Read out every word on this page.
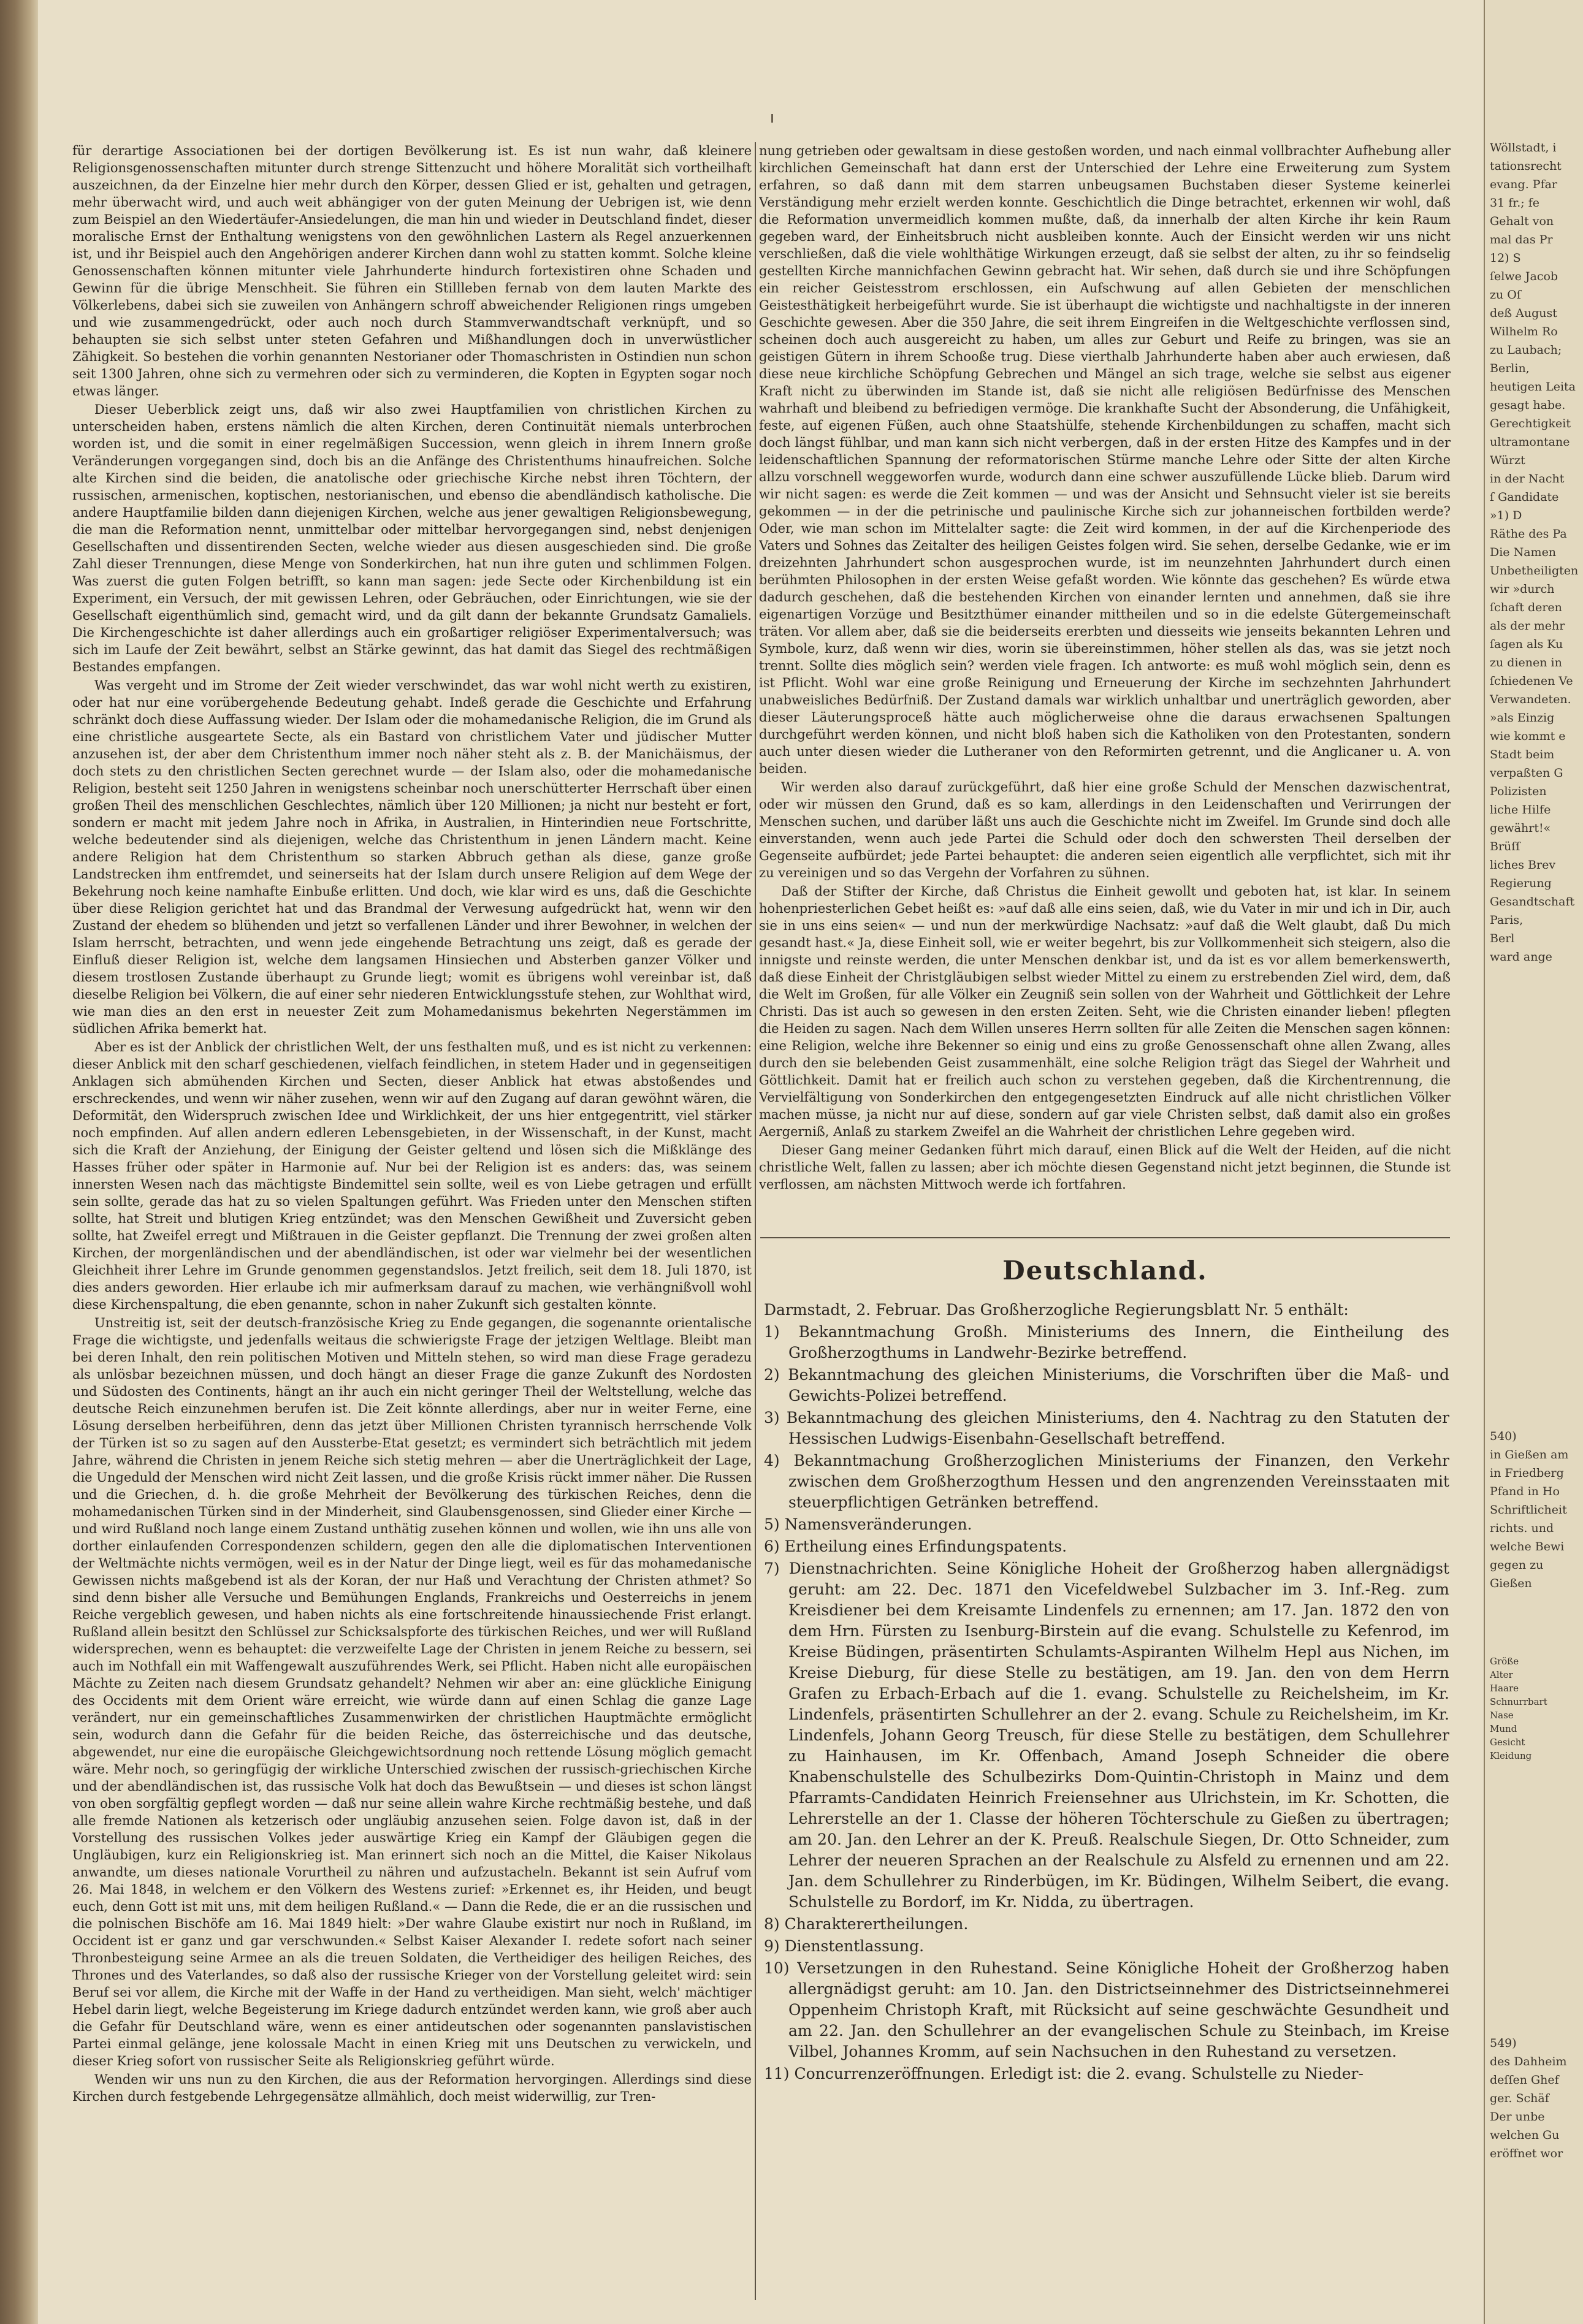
für derartige Associationen bei der dortigen Bevölkerung ist. Es ist nun wahr, daß kleinere Religionsgenossenschaften mitunter durch strenge Sittenzucht und höhere Moralität sich vortheilhaft auszeichnen, da der Einzelne hier mehr durch den Körper, dessen Glied er ist, gehalten und getragen, mehr überwacht wird, und auch weit abhängiger von der guten Meinung der Uebrigen ist, wie denn zum Beispiel an den Wiedertäufer-Ansiedelungen, die man hin und wieder in Deutschland findet, dieser moralische Ernst der Enthaltung wenigstens von den gewöhnlichen Lastern als Regel anzuerkennen ist, und ihr Beispiel auch den Angehörigen anderer Kirchen dann wohl zu statten kommt. Solche kleine Genossenschaften können mitunter viele Jahrhunderte hindurch fortexistiren ohne Schaden und Gewinn für die übrige Menschheit. Sie führen ein Stillleben fernab von dem lauten Markte des Völkerlebens, dabei sich sie zuweilen von Anhängern schroff abweichender Religionen rings umgeben und wie zusammengedrückt, oder auch noch durch Stammverwandtschaft verknüpft, und so behaupten sie sich selbst unter steten Gefahren und Mißhandlungen doch in unverwüstlicher Zähigkeit. So bestehen die vorhin genannten Nestorianer oder Thomaschristen in Ostindien nun schon seit 1300 Jahren, ohne sich zu vermehren oder sich zu verminderen, die Kopten in Egypten sogar noch etwas länger.

Dieser Ueberblick zeigt uns, daß wir also zwei Hauptfamilien von christlichen Kirchen zu unterscheiden haben, erstens nämlich die alten Kirchen, deren Continuität niemals unterbrochen worden ist, und die somit in einer regelmäßigen Succession, wenn gleich in ihrem Innern große Veränderungen vorgegangen sind, doch bis an die Anfänge des Christenthums hinaufreichen. Solche alte Kirchen sind die beiden, die anatolische oder griechische Kirche nebst ihren Töchtern, der russischen, armenischen, koptischen, nestorianischen, und ebenso die abendländisch katholische. Die andere Hauptfamilie bilden dann diejenigen Kirchen, welche aus jener gewaltigen Religionsbewegung, die man die Reformation nennt, unmittelbar oder mittelbar hervorgegangen sind, nebst denjenigen Gesellschaften und dissentirenden Secten, welche wieder aus diesen ausgeschieden sind. Die große Zahl dieser Trennungen, diese Menge von Sonderkirchen, hat nun ihre guten und schlimmen Folgen. Was zuerst die guten Folgen betrifft, so kann man sagen: jede Secte oder Kirchenbildung ist ein Experiment, ein Versuch, der mit gewissen Lehren, oder Gebräuchen, oder Einrichtungen, wie sie der Gesellschaft eigenthümlich sind, gemacht wird, und da gilt dann der bekannte Grundsatz Gamaliels. Die Kirchengeschichte ist daher allerdings auch ein großartiger religiöser Experimentalversuch; was sich im Laufe der Zeit bewährt, selbst an Stärke gewinnt, das hat damit das Siegel des rechtmäßigen Bestandes empfangen.

Was vergeht und im Strome der Zeit wieder verschwindet, das war wohl nicht werth zu existiren, oder hat nur eine vorübergehende Bedeutung gehabt. Indeß gerade die Geschichte und Erfahrung schränkt doch diese Auffassung wieder. Der Islam oder die mohamedanische Religion, die im Grund als eine christliche ausgeartete Secte, als ein Bastard von christlichem Vater und jüdischer Mutter anzusehen ist, der aber dem Christenthum immer noch näher steht als z. B. der Manichäismus, der doch stets zu den christlichen Secten gerechnet wurde — der Islam also, oder die mohamedanische Religion, besteht seit 1250 Jahren in wenigstens scheinbar noch unerschütterter Herrschaft über einen großen Theil des menschlichen Geschlechtes, nämlich über 120 Millionen; ja nicht nur besteht er fort, sondern er macht mit jedem Jahre noch in Afrika, in Australien, in Hinterindien neue Fortschritte, welche bedeutender sind als diejenigen, welche das Christenthum in jenen Ländern macht. Keine andere Religion hat dem Christenthum so starken Abbruch gethan als diese, ganze große Landstrecken ihm entfremdet, und seinerseits hat der Islam durch unsere Religion auf dem Wege der Bekehrung noch keine namhafte Einbuße erlitten. Und doch, wie klar wird es uns, daß die Geschichte über diese Religion gerichtet hat und das Brandmal der Verwesung aufgedrückt hat, wenn wir den Zustand der ehedem so blühenden und jetzt so verfallenen Länder und ihrer Bewohner, in welchen der Islam herrscht, betrachten, und wenn jede eingehende Betrachtung uns zeigt, daß es gerade der Einfluß dieser Religion ist, welche dem langsamen Hinsiechen und Absterben ganzer Völker und diesem trostlosen Zustande überhaupt zu Grunde liegt; womit es übrigens wohl vereinbar ist, daß dieselbe Religion bei Völkern, die auf einer sehr niederen Entwicklungsstufe stehen, zur Wohlthat wird, wie man dies an den erst in neuester Zeit zum Mohamedanismus bekehrten Negerstämmen im südlichen Afrika bemerkt hat.

Aber es ist der Anblick der christlichen Welt, der uns festhalten muß, und es ist nicht zu verkennen: dieser Anblick mit den scharf geschiedenen, vielfach feindlichen, in stetem Hader und in gegenseitigen Anklagen sich abmühenden Kirchen und Secten, dieser Anblick hat etwas abstoßendes und erschreckendes, und wenn wir näher zusehen, wenn wir auf den Zugang auf daran gewöhnt wären, die Deformität, den Widerspruch zwischen Idee und Wirklichkeit, der uns hier entgegentritt, viel stärker noch empfinden. Auf allen andern edleren Lebensgebieten, in der Wissenschaft, in der Kunst, macht sich die Kraft der Anziehung, der Einigung der Geister geltend und lösen sich die Mißklänge des Hasses früher oder später in Harmonie auf. Nur bei der Religion ist es anders: das, was seinem innersten Wesen nach das mächtigste Bindemittel sein sollte, weil es von Liebe getragen und erfüllt sein sollte, gerade das hat zu so vielen Spaltungen geführt. Was Frieden unter den Menschen stiften sollte, hat Streit und blutigen Krieg entzündet; was den Menschen Gewißheit und Zuversicht geben sollte, hat Zweifel erregt und Mißtrauen in die Geister gepflanzt. Die Trennung der zwei großen alten Kirchen, der morgenländischen und der abendländischen, ist oder war vielmehr bei der wesentlichen Gleichheit ihrer Lehre im Grunde genommen gegenstandslos. Jetzt freilich, seit dem 18. Juli 1870, ist dies anders geworden. Hier erlaube ich mir aufmerksam darauf zu machen, wie verhängnißvoll wohl diese Kirchenspaltung, die eben genannte, schon in naher Zukunft sich gestalten könnte.

Unstreitig ist, seit der deutsch-französische Krieg zu Ende gegangen, die sogenannte orientalische Frage die wichtigste, und jedenfalls weitaus die schwierigste Frage der jetzigen Weltlage. Bleibt man bei deren Inhalt, den rein politischen Motiven und Mitteln stehen, so wird man diese Frage geradezu als unlösbar bezeichnen müssen, und doch hängt an dieser Frage die ganze Zukunft des Nordosten und Südosten des Continents, hängt an ihr auch ein nicht geringer Theil der Weltstellung, welche das deutsche Reich einzunehmen berufen ist. Die Zeit könnte allerdings, aber nur in weiter Ferne, eine Lösung derselben herbeiführen, denn das jetzt über Millionen Christen tyrannisch herrschende Volk der Türken ist so zu sagen auf den Aussterbe-Etat gesetzt; es vermindert sich beträchtlich mit jedem Jahre, während die Christen in jenem Reiche sich stetig mehren — aber die Unerträglichkeit der Lage, die Ungeduld der Menschen wird nicht Zeit lassen, und die große Krisis rückt immer näher. Die Russen und die Griechen, d. h. die große Mehrheit der Bevölkerung des türkischen Reiches, denn die mohamedanischen Türken sind in der Minderheit, sind Glaubensgenossen, sind Glieder einer Kirche — und wird Rußland noch lange einem Zustand unthätig zusehen können und wollen, wie ihn uns alle von dorther einlaufenden Correspondenzen schildern, gegen den alle die diplomatischen Interventionen der Weltmächte nichts vermögen, weil es in der Natur der Dinge liegt, weil es für das mohamedanische Gewissen nichts maßgebend ist als der Koran, der nur Haß und Verachtung der Christen athmet? So sind denn bisher alle Versuche und Bemühungen Englands, Frankreichs und Oesterreichs in jenem Reiche vergeblich gewesen, und haben nichts als eine fortschreitende hinaussiechende Frist erlangt. Rußland allein besitzt den Schlüssel zur Schicksalspforte des türkischen Reiches, und wer will Rußland widersprechen, wenn es behauptet: die verzweifelte Lage der Christen in jenem Reiche zu bessern, sei auch im Nothfall ein mit Waffengewalt auszuführendes Werk, sei Pflicht. Haben nicht alle europäischen Mächte zu Zeiten nach diesem Grundsatz gehandelt? Nehmen wir aber an: eine glückliche Einigung des Occidents mit dem Orient wäre erreicht, wie würde dann auf einen Schlag die ganze Lage verändert, nur ein gemeinschaftliches Zusammenwirken der christlichen Hauptmächte ermöglicht sein, wodurch dann die Gefahr für die beiden Reiche, das österreichische und das deutsche, abgewendet, nur eine die europäische Gleichgewichtsordnung noch rettende Lösung möglich gemacht wäre. Mehr noch, so geringfügig der wirkliche Unterschied zwischen der russisch-griechischen Kirche und der abendländischen ist, das russische Volk hat doch das Bewußtsein — und dieses ist schon längst von oben sorgfältig gepflegt worden — daß nur seine allein wahre Kirche rechtmäßig bestehe, und daß alle fremde Nationen als ketzerisch oder ungläubig anzusehen seien. Folge davon ist, daß in der Vorstellung des russischen Volkes jeder auswärtige Krieg ein Kampf der Gläubigen gegen die Ungläubigen, kurz ein Religionskrieg ist. Man erinnert sich noch an die Mittel, die Kaiser Nikolaus anwandte, um dieses nationale Vorurtheil zu nähren und aufzustacheln. Bekannt ist sein Aufruf vom 26. Mai 1848, in welchem er den Völkern des Westens zurief: »Erkennet es, ihr Heiden, und beugt euch, denn Gott ist mit uns, mit dem heiligen Rußland.« — Dann die Rede, die er an die russischen und die polnischen Bischöfe am 16. Mai 1849 hielt: »Der wahre Glaube existirt nur noch in Rußland, im Occident ist er ganz und gar verschwunden.« Selbst Kaiser Alexander I. redete sofort nach seiner Thronbesteigung seine Armee an als die treuen Soldaten, die Vertheidiger des heiligen Reiches, des Thrones und des Vaterlandes, so daß also der russische Krieger von der Vorstellung geleitet wird: sein Beruf sei vor allem, die Kirche mit der Waffe in der Hand zu vertheidigen. Man sieht, welch' mächtiger Hebel darin liegt, welche Begeisterung im Kriege dadurch entzündet werden kann, wie groß aber auch die Gefahr für Deutschland wäre, wenn es einer antideutschen oder sogenannten panslavistischen Partei einmal gelänge, jene kolossale Macht in einen Krieg mit uns Deutschen zu verwickeln, und dieser Krieg sofort von russischer Seite als Religionskrieg geführt würde.

Wenden wir uns nun zu den Kirchen, die aus der Reformation hervorgingen. Allerdings sind diese Kirchen durch festgebende Lehrgegensätze allmählich, doch meist widerwillig, zur Tren-

nung getrieben oder gewaltsam in diese gestoßen worden, und nach einmal vollbrachter Aufhebung aller kirchlichen Gemeinschaft hat dann erst der Unterschied der Lehre eine Erweiterung zum System erfahren, so daß dann mit dem starren unbeugsamen Buchstaben dieser Systeme keinerlei Verständigung mehr erzielt werden konnte. Geschichtlich die Dinge betrachtet, erkennen wir wohl, daß die Reformation unvermeidlich kommen mußte, daß, da innerhalb der alten Kirche ihr kein Raum gegeben ward, der Einheitsbruch nicht ausbleiben konnte. Auch der Einsicht werden wir uns nicht verschließen, daß die viele wohlthätige Wirkungen erzeugt, daß sie selbst der alten, zu ihr so feindselig gestellten Kirche mannichfachen Gewinn gebracht hat. Wir sehen, daß durch sie und ihre Schöpfungen ein reicher Geistesstrom erschlossen, ein Aufschwung auf allen Gebieten der menschlichen Geistesthätigkeit herbeigeführt wurde. Sie ist überhaupt die wichtigste und nachhaltigste in der inneren Geschichte gewesen. Aber die 350 Jahre, die seit ihrem Eingreifen in die Weltgeschichte verflossen sind, scheinen doch auch ausgereicht zu haben, um alles zur Geburt und Reife zu bringen, was sie an geistigen Gütern in ihrem Schooße trug. Diese vierthalb Jahrhunderte haben aber auch erwiesen, daß diese neue kirchliche Schöpfung Gebrechen und Mängel an sich trage, welche sie selbst aus eigener Kraft nicht zu überwinden im Stande ist, daß sie nicht alle religiösen Bedürfnisse des Menschen wahrhaft und bleibend zu befriedigen vermöge. Die krankhafte Sucht der Absonderung, die Unfähigkeit, feste, auf eigenen Füßen, auch ohne Staatshülfe, stehende Kirchenbildungen zu schaffen, macht sich doch längst fühlbar, und man kann sich nicht verbergen, daß in der ersten Hitze des Kampfes und in der leidenschaftlichen Spannung der reformatorischen Stürme manche Lehre oder Sitte der alten Kirche allzu vorschnell weggeworfen wurde, wodurch dann eine schwer auszufüllende Lücke blieb. Darum wird wir nicht sagen: es werde die Zeit kommen — und was der Ansicht und Sehnsucht vieler ist sie bereits gekommen — in der die petrinische und paulinische Kirche sich zur johanneischen fortbilden werde? Oder, wie man schon im Mittelalter sagte: die Zeit wird kommen, in der auf die Kirchenperiode des Vaters und Sohnes das Zeitalter des heiligen Geistes folgen wird. Sie sehen, derselbe Gedanke, wie er im dreizehnten Jahrhundert schon ausgesprochen wurde, ist im neunzehnten Jahrhundert durch einen berühmten Philosophen in der ersten Weise gefaßt worden. Wie könnte das geschehen? Es würde etwa dadurch geschehen, daß die bestehenden Kirchen von einander lernten und annehmen, daß sie ihre eigenartigen Vorzüge und Besitzthümer einander mittheilen und so in die edelste Gütergemeinschaft träten. Vor allem aber, daß sie die beiderseits ererbten und diesseits wie jenseits bekannten Lehren und Symbole, kurz, daß wenn wir dies, worin sie übereinstimmen, höher stellen als das, was sie jetzt noch trennt. Sollte dies möglich sein? werden viele fragen. Ich antworte: es muß wohl möglich sein, denn es ist Pflicht. Wohl war eine große Reinigung und Erneuerung der Kirche im sechzehnten Jahrhundert unabweisliches Bedürfniß. Der Zustand damals war wirklich unhaltbar und unerträglich geworden, aber dieser Läuterungsproceß hätte auch möglicherweise ohne die daraus erwachsenen Spaltungen durchgeführt werden können, und nicht bloß haben sich die Katholiken von den Protestanten, sondern auch unter diesen wieder die Lutheraner von den Reformirten getrennt, und die Anglicaner u. A. von beiden.

Wir werden also darauf zurückgeführt, daß hier eine große Schuld der Menschen dazwischentrat, oder wir müssen den Grund, daß es so kam, allerdings in den Leidenschaften und Verirrungen der Menschen suchen, und darüber läßt uns auch die Geschichte nicht im Zweifel. Im Grunde sind doch alle einverstanden, wenn auch jede Partei die Schuld oder doch den schwersten Theil derselben der Gegenseite aufbürdet; jede Partei behauptet: die anderen seien eigentlich alle verpflichtet, sich mit ihr zu vereinigen und so das Vergehn der Vorfahren zu sühnen.

Daß der Stifter der Kirche, daß Christus die Einheit gewollt und geboten hat, ist klar. In seinem hohenpriesterlichen Gebet heißt es: »auf daß alle eins seien, daß, wie du Vater in mir und ich in Dir, auch sie in uns eins seien« — und nun der merkwürdige Nachsatz: »auf daß die Welt glaubt, daß Du mich gesandt hast.« Ja, diese Einheit soll, wie er weiter begehrt, bis zur Vollkommenheit sich steigern, also die innigste und reinste werden, die unter Menschen denkbar ist, und da ist es vor allem bemerkenswerth, daß diese Einheit der Christgläubigen selbst wieder Mittel zu einem zu erstrebenden Ziel wird, dem, daß die Welt im Großen, für alle Völker ein Zeugniß sein sollen von der Wahrheit und Göttlichkeit der Lehre Christi. Das ist auch so gewesen in den ersten Zeiten. Seht, wie die Christen einander lieben! pflegten die Heiden zu sagen. Nach dem Willen unseres Herrn sollten für alle Zeiten die Menschen sagen können: eine Religion, welche ihre Bekenner so einig und eins zu große Genossenschaft ohne allen Zwang, alles durch den sie belebenden Geist zusammenhält, eine solche Religion trägt das Siegel der Wahrheit und Göttlichkeit. Damit hat er freilich auch schon zu verstehen gegeben, daß die Kirchentrennung, die Vervielfältigung von Sonderkirchen den entgegengesetzten Eindruck auf alle nicht christlichen Völker machen müsse, ja nicht nur auf diese, sondern auf gar viele Christen selbst, daß damit also ein großes Aergerniß, Anlaß zu starkem Zweifel an die Wahrheit der christlichen Lehre gegeben wird.

Dieser Gang meiner Gedanken führt mich darauf, einen Blick auf die Welt der Heiden, auf die nicht christliche Welt, fallen zu lassen; aber ich möchte diesen Gegenstand nicht jetzt beginnen, die Stunde ist verflossen, am nächsten Mittwoch werde ich fortfahren.

Deutschland.

Darmstadt, 2. Februar. Das Großherzogliche Regierungsblatt Nr. 5 enthält:

1) Bekanntmachung Großh. Ministeriums des Innern, die Eintheilung des Großherzogthums in Landwehr-Bezirke betreffend.

2) Bekanntmachung des gleichen Ministeriums, die Vorschriften über die Maß- und Gewichts-Polizei betreffend.

3) Bekanntmachung des gleichen Ministeriums, den 4. Nachtrag zu den Statuten der Hessischen Ludwigs-Eisenbahn-Gesellschaft betreffend.

4) Bekanntmachung Großherzoglichen Ministeriums der Finanzen, den Verkehr zwischen dem Großherzogthum Hessen und den angrenzenden Vereinsstaaten mit steuerpflichtigen Getränken betreffend.

5) Namensveränderungen.

6) Ertheilung eines Erfindungspatents.

7) Dienstnachrichten. Seine Königliche Hoheit der Großherzog haben allergnädigst geruht: am 22. Dec. 1871 den Vicefeldwebel Sulzbacher im 3. Inf.-Reg. zum Kreisdiener bei dem Kreisamte Lindenfels zu ernennen; am 17. Jan. 1872 den von dem Hrn. Fürsten zu Isenburg-Birstein auf die evang. Schulstelle zu Kefenrod, im Kreise Büdingen, präsentirten Schulamts-Aspiranten Wilhelm Hepl aus Nichen, im Kreise Dieburg, für diese Stelle zu bestätigen, am 19. Jan. den von dem Herrn Grafen zu Erbach-Erbach auf die 1. evang. Schulstelle zu Reichelsheim, im Kr. Lindenfels, präsentirten Schullehrer an der 2. evang. Schule zu Reichelsheim, im Kr. Lindenfels, Johann Georg Treusch, für diese Stelle zu bestätigen, dem Schullehrer zu Hainhausen, im Kr. Offenbach, Amand Joseph Schneider die obere Knabenschulstelle des Schulbezirks Dom-Quintin-Christoph in Mainz und dem Pfarramts-Candidaten Heinrich Freiensehner aus Ulrichstein, im Kr. Schotten, die Lehrerstelle an der 1. Classe der höheren Töchterschule zu Gießen zu übertragen; am 20. Jan. den Lehrer an der K. Preuß. Realschule Siegen, Dr. Otto Schneider, zum Lehrer der neueren Sprachen an der Realschule zu Alsfeld zu ernennen und am 22. Jan. dem Schullehrer zu Rinderbügen, im Kr. Büdingen, Wilhelm Seibert, die evang. Schulstelle zu Bordorf, im Kr. Nidda, zu übertragen.

8) Charakterertheilungen.

9) Dienstentlassung.

10) Versetzungen in den Ruhestand. Seine Königliche Hoheit der Großherzog haben allergnädigst geruht: am 10. Jan. den Districtseinnehmer des Districtseinnehmerei Oppenheim Christoph Kraft, mit Rücksicht auf seine geschwächte Gesundheit und am 22. Jan. den Schullehrer an der evangelischen Schule zu Steinbach, im Kreise Vilbel, Johannes Kromm, auf sein Nachsuchen in den Ruhestand zu versetzen.

11) Concurrenzeröffnungen. Erledigt ist: die 2. evang. Schulstelle zu Nieder-

Wöllstadt, i
tationsrecht
evang. Pfar
31 fr.; fe
Gehalt von
mal das Pr
12) S
ſelwe Jacob
zu Oſ
deß August
Wilhelm Ro
zu Laubach;
Berlin,
heutigen Leita
gesagt habe.
Gerechtigkeit
ultramontane
Würzt
in der Nacht
ſ Gandidate
»1) D
Räthe des Pa
Die Namen
Unbetheiligten
wir »durch
ſchaft deren
als der mehr
ſagen als Ku
zu dienen in
ſchiedenen Ve
Verwandeten.
»als Einzig
wie kommt e
Stadt beim
verpaßten G
Polizisten
liche Hilfe
gewährt!«
Brüſſ
liches Brev
Regierung
Gesandtschaft
Paris,
Berl
ward ange
540)
in Gießen am
in Friedberg
Pfand in Ho
Schriftlicheit
richts. und
welche Bewi
gegen zu
Gießen
Größe
Alter
Haare
Schnurrbart
Nase
Mund
Gesicht
Kleidung
549)
des Dahheim
deſſen Ghef
ger. Schäf
Der unbe
welchen Gu
eröffnet wor
